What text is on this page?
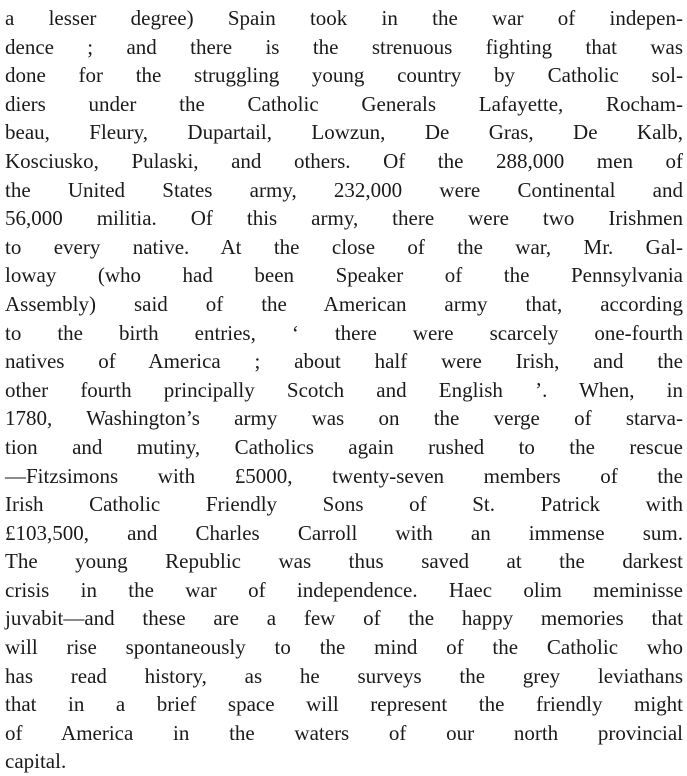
a lesser degree) Spain took in the war of indepen-
dence ; and there is the strenuous fighting that was
done for the struggling young country by Catholic sol-
diers under the Catholic Generals Lafayette, Rocham-
beau, Fleury, Dupartail, Lowzun, De Gras, De Kalb,
Kosciusko, Pulaski, and others. Of the 288,000 men of
the United States army, 232,000 were Continental and
56,000 militia. Of this army, there were two Irishmen
to every native. At the close of the war, Mr. Gal-
loway (who had been Speaker of the Pennsylvania
Assembly) said of the American army that, according
to the birth entries, ‘ there were scarcely one-fourth
natives of America ; about half were Irish, and the
other fourth principally Scotch and English ’. When, in
1780, Washington’s army was on the verge of starva-
tion and mutiny, Catholics again rushed to the rescue
—Fitzsimons with £5000, twenty-seven members of the
Irish Catholic Friendly Sons of St. Patrick with
£103,500, and Charles Carroll with an immense sum.
The young Republic was thus saved at the darkest
crisis in the war of independence. Haec olim meminisse
juvabit—and these are a few of the happy memories that
will rise spontaneously to the mind of the Catholic who
has read history, as he surveys the grey leviathans
that in a brief space will represent the friendly might
of America in the waters of our north provincial
capital.
